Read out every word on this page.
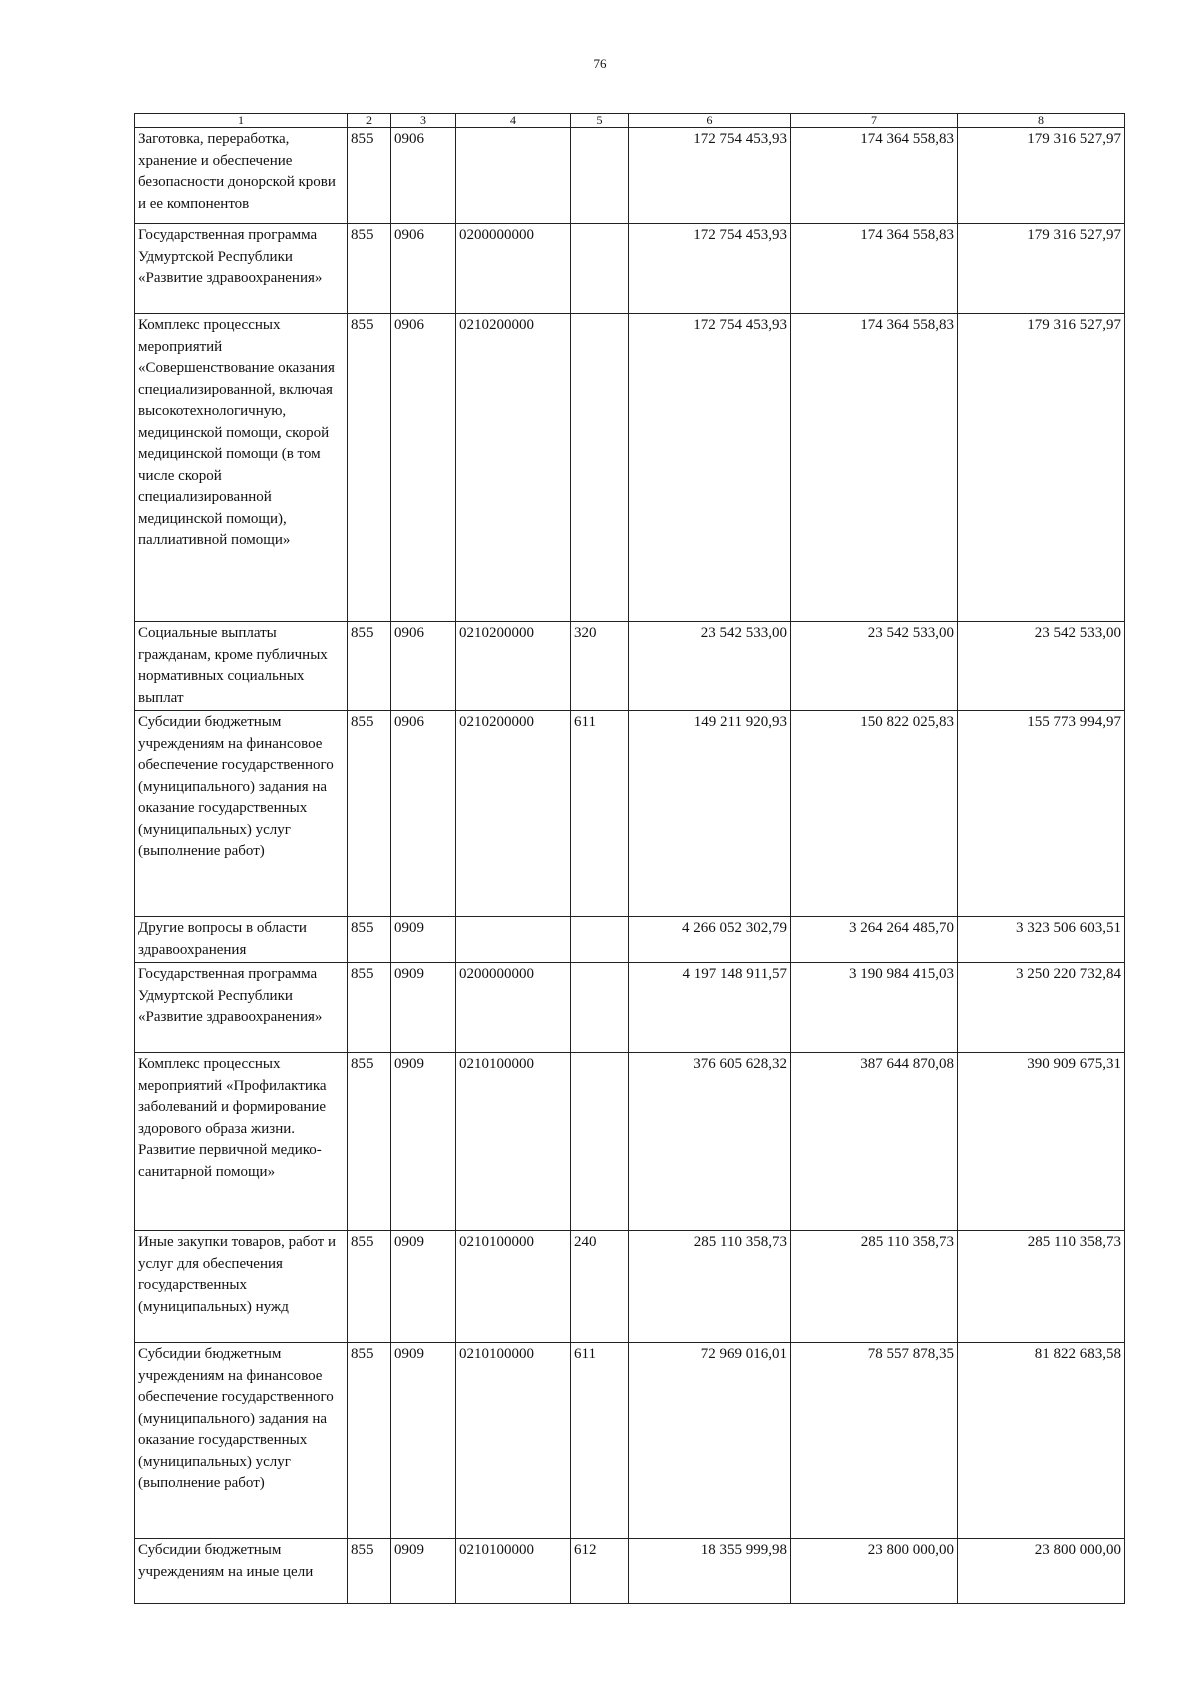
76
1	2	3	4	5	6	7	8
Заготовка, переработка, хранение и обеспечение безопасности донорской крови и ее компонентов	855	0906			172 754 453,93	174 364 558,83	179 316 527,97
Государственная программа Удмуртской Республики «Развитие здравоохранения»	855	0906	0200000000		172 754 453,93	174 364 558,83	179 316 527,97
Комплекс процессных мероприятий «Совершенствование оказания специализированной, включая высокотехнологичную, медицинской помощи, скорой медицинской помощи (в том числе скорой специализированной медицинской помощи), паллиативной помощи»	855	0906	0210200000		172 754 453,93	174 364 558,83	179 316 527,97
Социальные выплаты гражданам, кроме публичных нормативных социальных выплат	855	0906	0210200000	320	23 542 533,00	23 542 533,00	23 542 533,00
Субсидии бюджетным учреждениям на финансовое обеспечение государственного (муниципального) задания на оказание государственных (муниципальных) услуг (выполнение работ)	855	0906	0210200000	611	149 211 920,93	150 822 025,83	155 773 994,97
Другие вопросы в области здравоохранения	855	0909			4 266 052 302,79	3 264 264 485,70	3 323 506 603,51
Государственная программа Удмуртской Республики «Развитие здравоохранения»	855	0909	0200000000		4 197 148 911,57	3 190 984 415,03	3 250 220 732,84
Комплекс процессных мероприятий «Профилактика заболеваний и формирование здорового образа жизни. Развитие первичной медико-санитарной помощи»	855	0909	0210100000		376 605 628,32	387 644 870,08	390 909 675,31
Иные закупки товаров, работ и услуг для обеспечения государственных (муниципальных) нужд	855	0909	0210100000	240	285 110 358,73	285 110 358,73	285 110 358,73
Субсидии бюджетным учреждениям на финансовое обеспечение государственного (муниципального) задания на оказание государственных (муниципальных) услуг (выполнение работ)	855	0909	0210100000	611	72 969 016,01	78 557 878,35	81 822 683,58
Субсидии бюджетным учреждениям на иные цели	855	0909	0210100000	612	18 355 999,98	23 800 000,00	23 800 000,00
